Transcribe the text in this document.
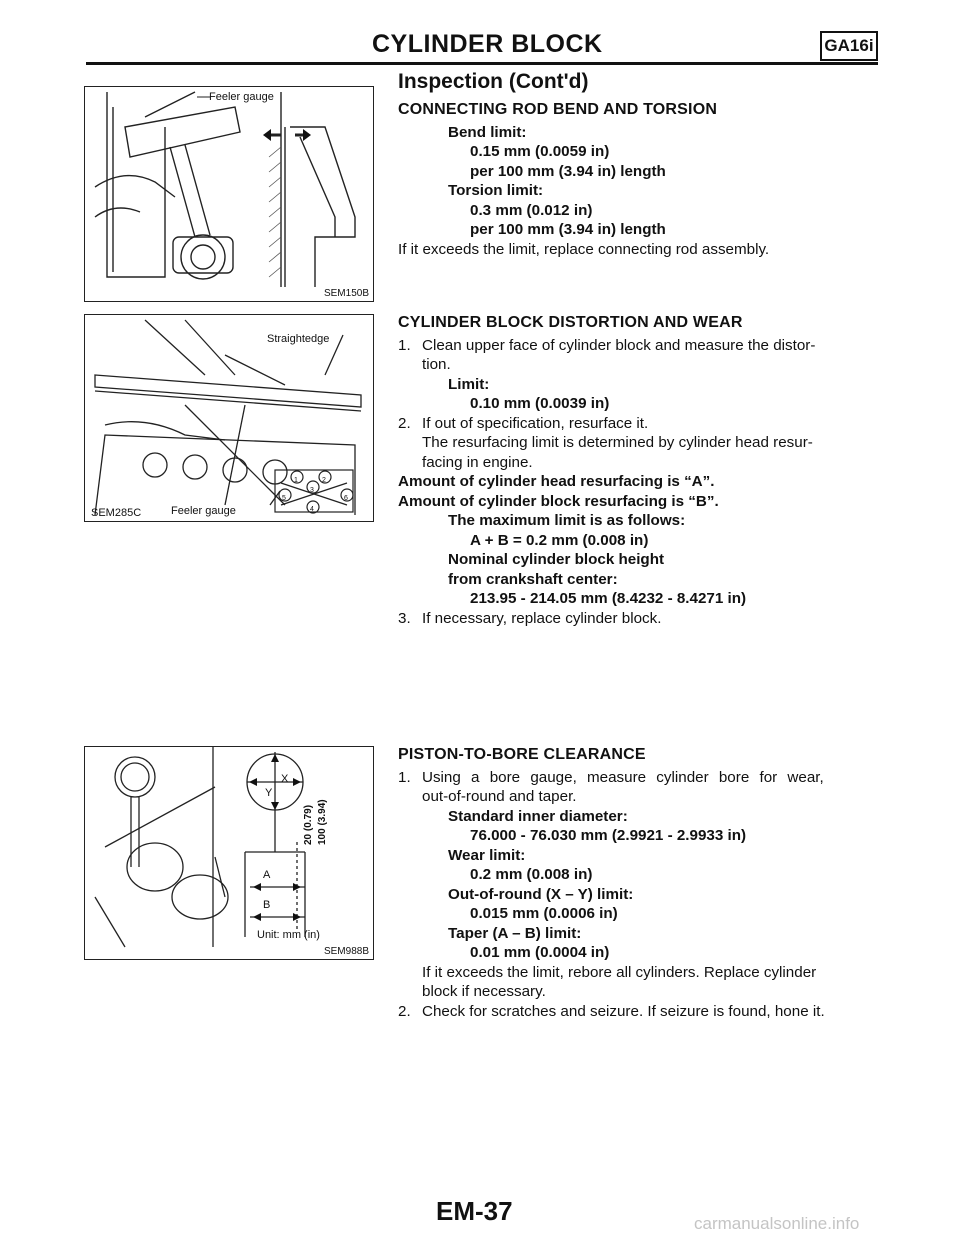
CYLINDER BLOCK	GA16i
Inspection (Cont'd)
CONNECTING ROD BEND AND TORSION
Bend limit:
0.15 mm (0.0059 in)
per 100 mm (3.94 in) length
Torsion limit:
0.3 mm (0.012 in)
per 100 mm (3.94 in) length
If it exceeds the limit, replace connecting rod assembly.
CYLINDER BLOCK DISTORTION AND WEAR
1. Clean upper face of cylinder block and measure the distor-
tion.
Limit:
0.10 mm (0.0039 in)
2. If out of specification, resurface it.
The resurfacing limit is determined by cylinder head resur-
facing in engine.
Amount of cylinder head resurfacing is “A”.
Amount of cylinder block resurfacing is “B”.
The maximum limit is as follows:
A + B = 0.2 mm (0.008 in)
Nominal cylinder block height
from crankshaft center:
213.95 - 214.05 mm (8.4232 - 8.4271 in)
3. If necessary, replace cylinder block.
PISTON-TO-BORE CLEARANCE
1. Using a bore gauge, measure cylinder bore for wear,
out-of-round and taper.
Standard inner diameter:
76.000 - 76.030 mm (2.9921 - 2.9933 in)
Wear limit:
0.2 mm (0.008 in)
Out-of-round (X – Y) limit:
0.015 mm (0.0006 in)
Taper (A – B) limit:
0.01 mm (0.0004 in)
If it exceeds the limit, rebore all cylinders. Replace cylinder
block if necessary.
2. Check for scratches and seizure. If seizure is found, hone it.
Feeler gauge
SEM150B
1	2
3
4
5	6
Straightedge
Feeler gauge
SEM285C
X
Y
A
B
20 (0.79) 100 (3.94)
Unit: mm (in)
SEM988B
EM-37	carmanualsonline.info
